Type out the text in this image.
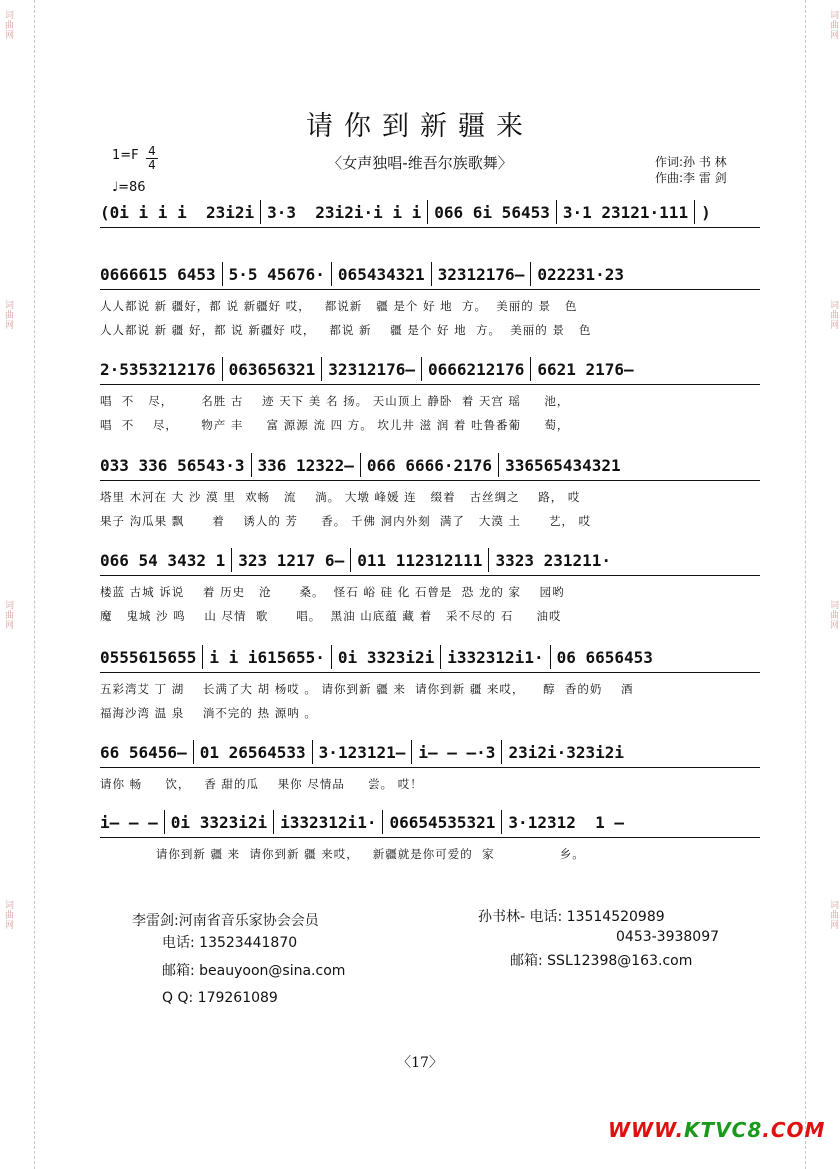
词曲网
词曲网
词曲网
词曲网
词曲网
词曲网
词曲网
词曲网
请你到新疆来
1=F 4
4
♩=86
〈女声独唱-维吾尔族歌舞〉	作词:孙 书 林
作曲:李 雷 剑
(0i i i i  23i2i 3·3  23i2i·i i i 066 6i 56453 3·1 23121·111 )
0666615 6453 5·5 45676· 065434321 32312176– 022231·23
人人都说 新 疆好，都 说 新疆好 哎，   都说新   疆 是个 好 地  方。  美丽的 景   色
人人都说 新 疆 好，都 说 新疆好 哎，   都说 新    疆 是个 好 地  方。  美丽的 景   色
2·5353212176 063656321 32312176– 0666212176 6621 2176–
唱  不   尽，      名胜 古    迹 天下 美 名 扬。 天山顶上 静卧  着 天宫 瑶     池，
唱  不    尽，     物产 丰     富 源源 流 四 方。 坎儿井 滋 润 着 吐鲁番葡     萄，
033 336 56543·3 336 12322– 066 6666·2176 336565434321
塔里 木河在 大 沙 漠 里  欢畅   流    淌。 大墩 峰媛 连   缀着   古丝绸之    路， 哎
果子 沟瓜果 飘      着    诱人的 芳     香。 千佛 洞内外刻  满了   大漠 土      艺， 哎
066 54 3432 1 323 1217 6– 011 112312111 3323 231211·
楼蓝 古城 诉说    着 历史   沧      桑。  怪石 峪 硅 化 石曾是  恐 龙的 家    园哟
魔   鬼城 沙 鸣    山 尽情  歌      唱。  黑油 山底蕴 藏 着   采不尽的 石     油哎
0555615655 i i i615655· 0i 3323i2i i332312i1· 06 6656453
五彩湾艾 丁 湖    长满了大 胡 杨哎 。 请你到新 疆 来  请你到新 疆 来哎，    醇  香的奶    酒
福海沙湾 温 泉    淌不完的 热 源呐 。
66 56456– 01 26564533 3·123121– i– – –·3 23i2i·323i2i
请你 畅     饮，   香 甜的瓜    果你 尽情品     尝。 哎！
i– – – 0i 3323i2i i332312i1· 06654535321 3·12312  1 –
请你到新 疆 来  请你到新 疆 来哎，   新疆就是你可爱的  家              乡。
李雷剑:河南省音乐家协会会员
电话: 13523441870
邮箱: beauyoon@sina.com
Q Q: 179261089
孙书林- 电话: 13514520989
0453-3938097
邮箱: SSL12398@163.com
〈17〉
WWW.KTVC8.COM
